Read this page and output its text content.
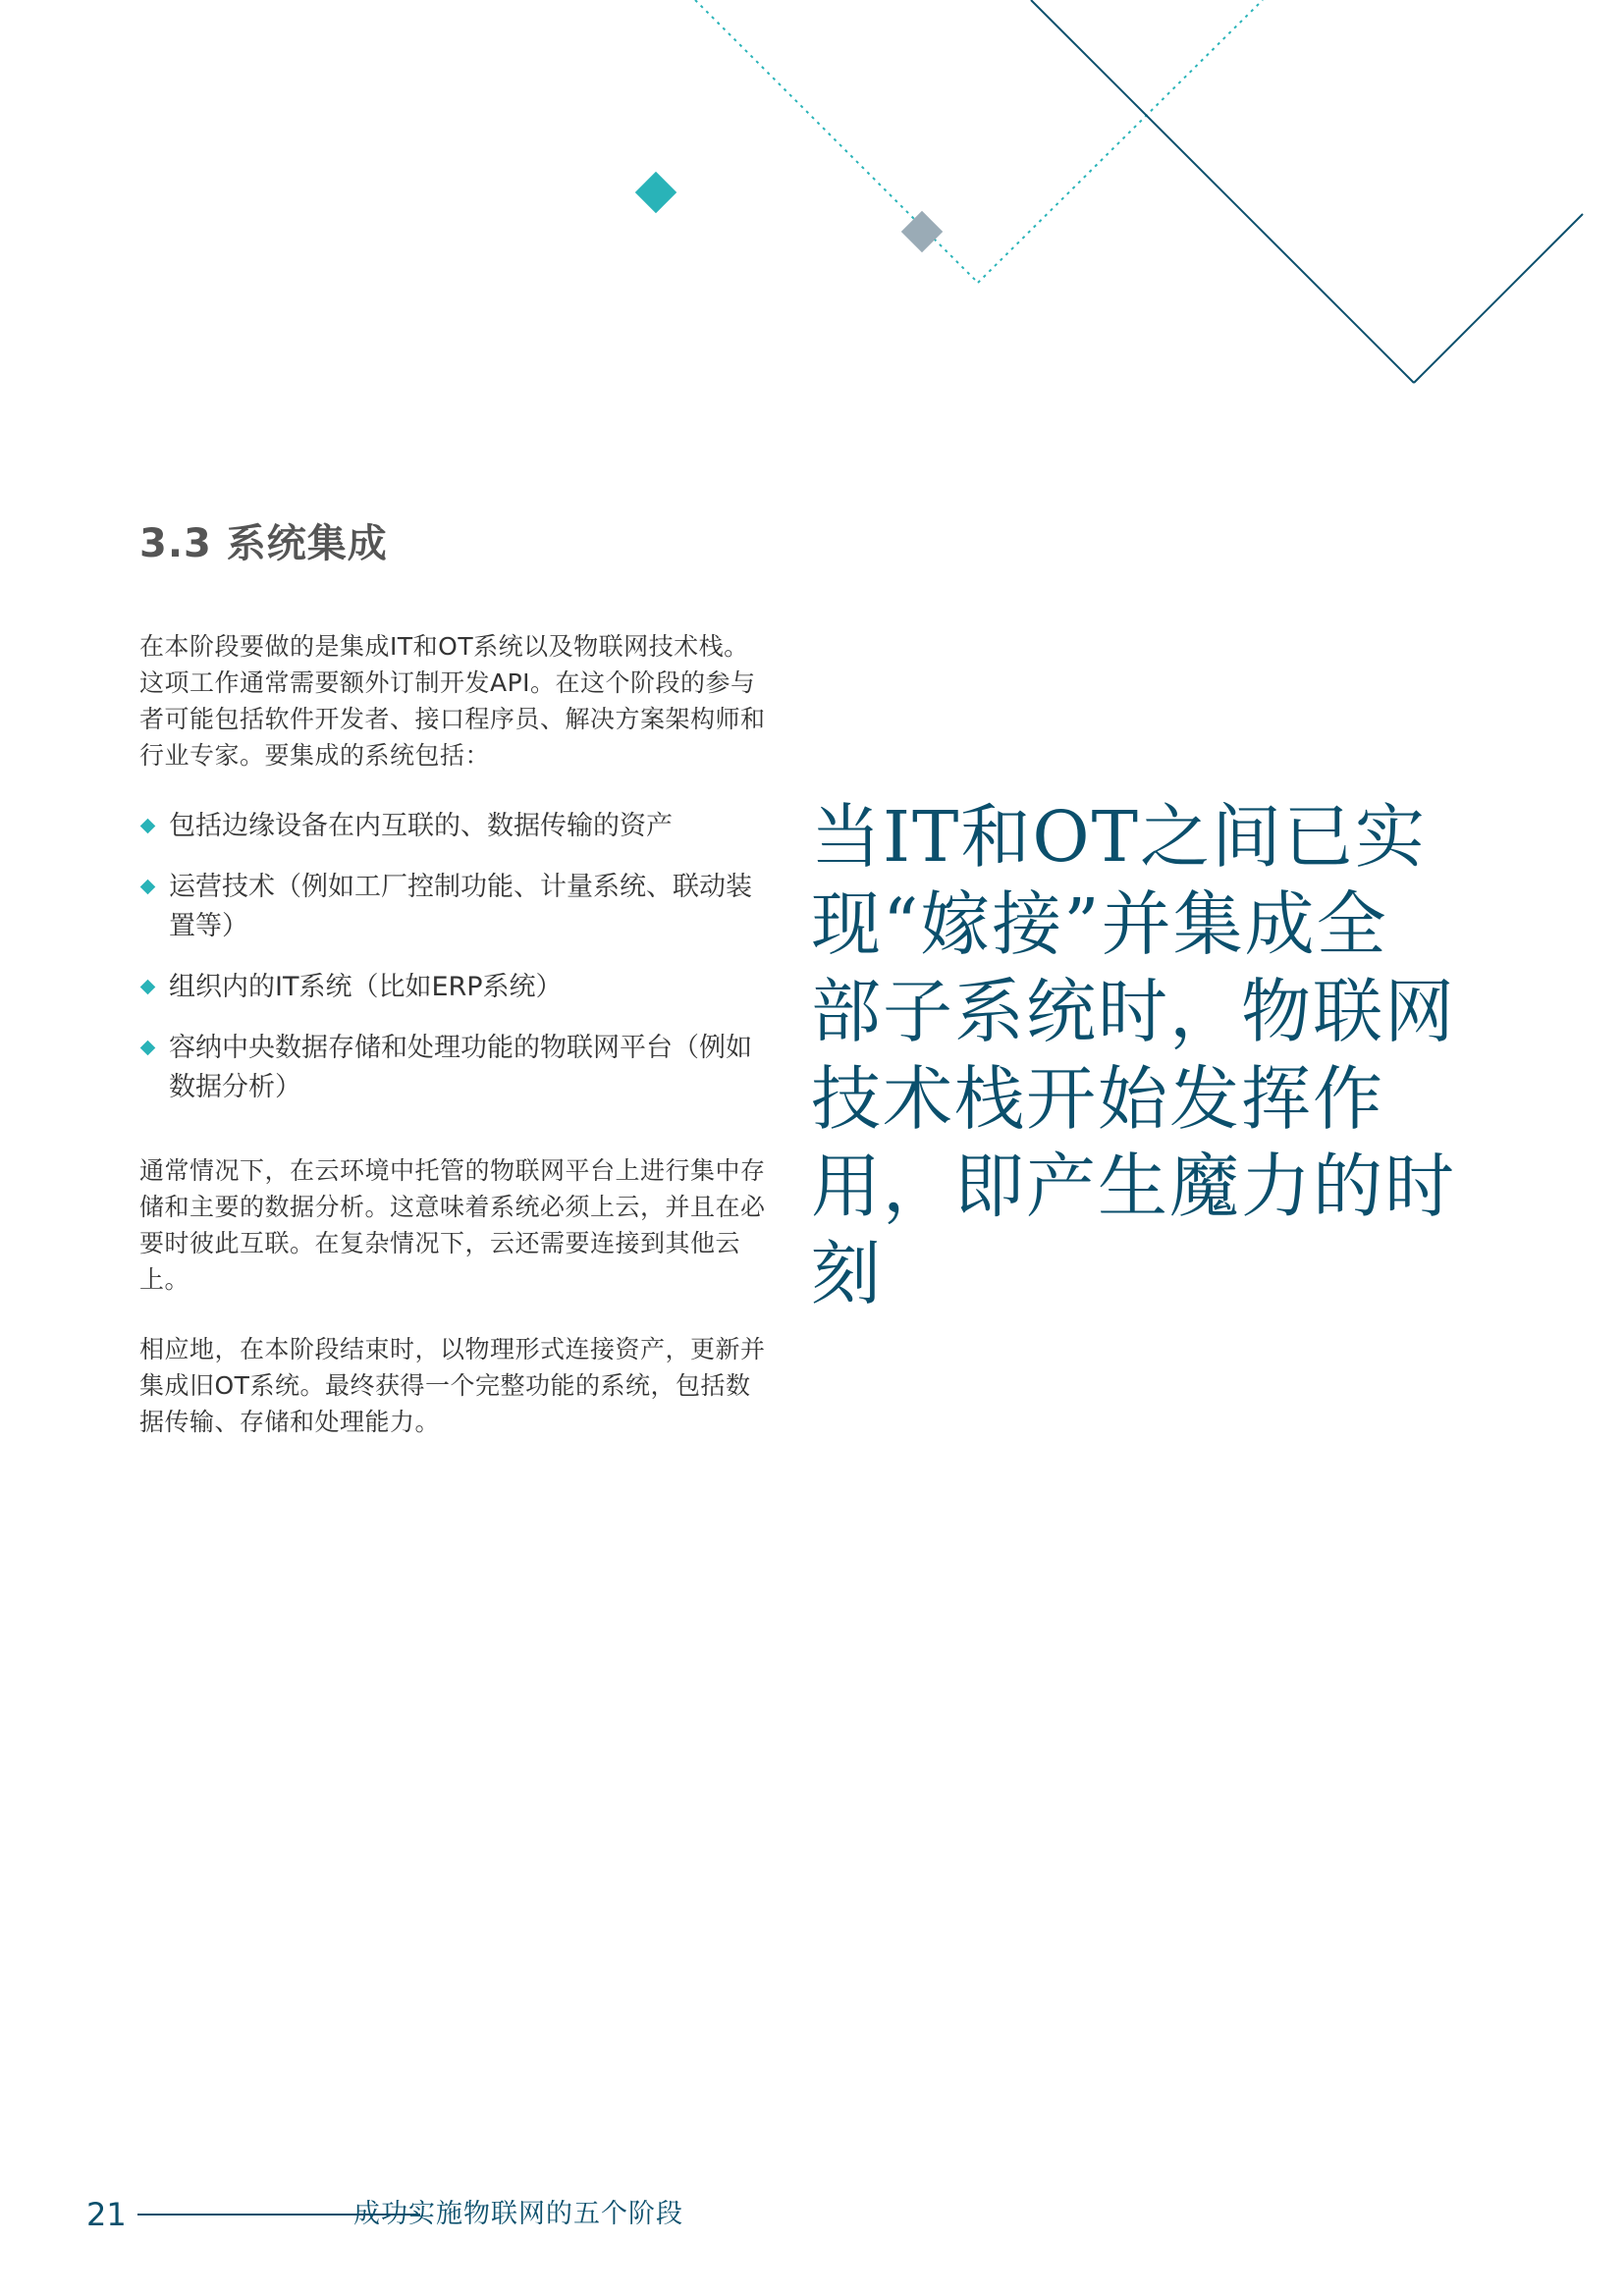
3.3 系统集成

在本阶段要做的是集成IT和OT系统以及物联网技术栈。这项工作通常需要额外订制开发API。在这个阶段的参与者可能包括软件开发者、接口程序员、解决方案架构师和行业专家。要集成的系统包括：

包括边缘设备在内互联的、数据传输的资产
运营技术（例如工厂控制功能、计量系统、联动装置等）
组织内的IT系统（比如ERP系统）
容纳中央数据存储和处理功能的物联网平台（例如数据分析）

通常情况下，在云环境中托管的物联网平台上进行集中存储和主要的数据分析。这意味着系统必须上云，并且在必要时彼此互联。在复杂情况下，云还需要连接到其他云上。

相应地，在本阶段结束时，以物理形式连接资产，更新并集成旧OT系统。最终获得一个完整功能的系统，包括数据传输、存储和处理能力。

当IT和OT之间已实现“嫁接”并集成全部子系统时，物联网技术栈开始发挥作用，即产生魔力的时刻

21	成功实施物联网的五个阶段
